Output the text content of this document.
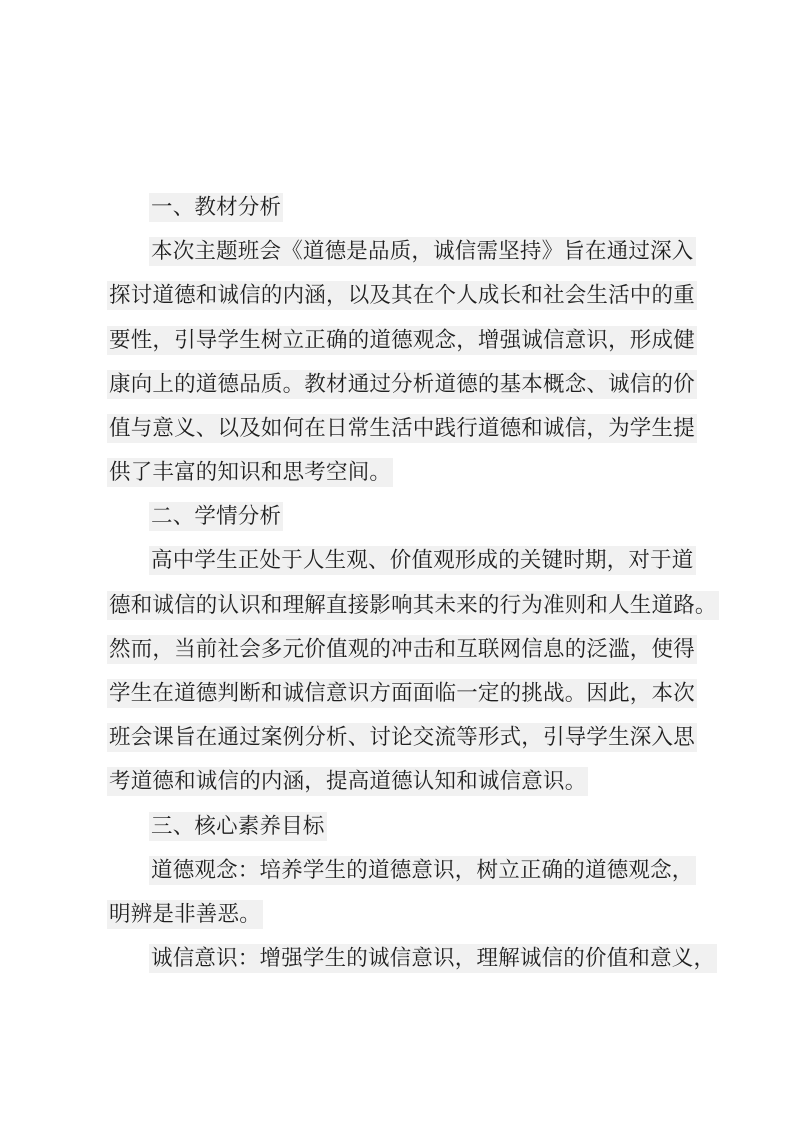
一、教材分析
本次主题班会《道德是品质，诚信需坚持》旨在通过深入
探讨道德和诚信的内涵，以及其在个人成长和社会生活中的重
要性，引导学生树立正确的道德观念，增强诚信意识，形成健
康向上的道德品质。教材通过分析道德的基本概念、诚信的价
值与意义、以及如何在日常生活中践行道德和诚信，为学生提
供了丰富的知识和思考空间。
二、学情分析
高中学生正处于人生观、价值观形成的关键时期，对于道
德和诚信的认识和理解直接影响其未来的行为准则和人生道路。
然而，当前社会多元价值观的冲击和互联网信息的泛滥，使得
学生在道德判断和诚信意识方面面临一定的挑战。因此，本次
班会课旨在通过案例分析、讨论交流等形式，引导学生深入思
考道德和诚信的内涵，提高道德认知和诚信意识。
三、核心素养目标
道德观念：培养学生的道德意识，树立正确的道德观念，
明辨是非善恶。
诚信意识：增强学生的诚信意识，理解诚信的价值和意义，
